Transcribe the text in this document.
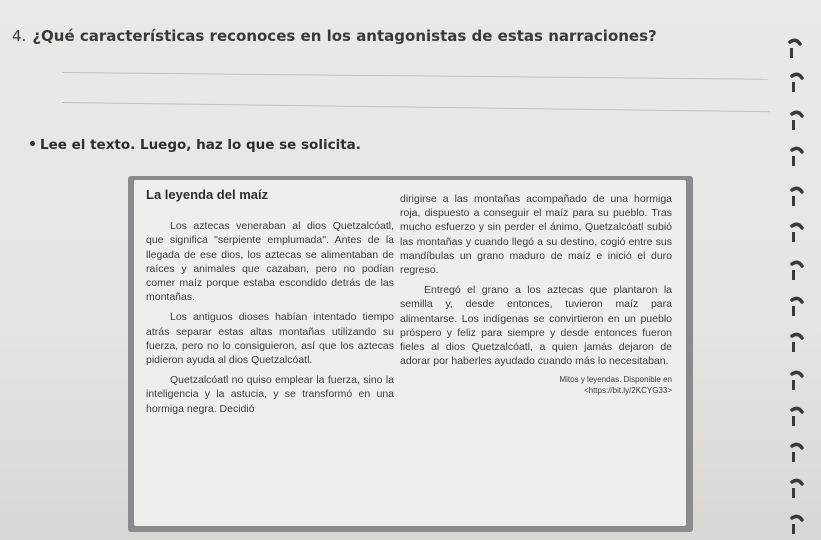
4. ¿Qué características reconoces en los antagonistas de estas narraciones?
Lee el texto. Luego, haz lo que se solicita.
La leyenda del maíz

Los aztecas veneraban al dios Quetzalcóatl, que significa "serpiente emplumada". Antes de la llegada de ese dios, los aztecas se alimentaban de raíces y animales que cazaban, pero no podían comer maíz porque estaba escondido detrás de las montañas.

Los antiguos dioses habían intentado tiempo atrás separar estas altas montañas utilizando su fuerza, pero no lo consiguieron, así que los aztecas pidieron ayuda al dios Quetzalcóatl.

Quetzalcóatl no quiso emplear la fuerza, sino la inteligencia y la astucia, y se transformó en una hormiga negra. Decidió

dirigirse a las montañas acompañado de una hormiga roja, dispuesto a conseguir el maíz para su pueblo. Tras mucho esfuerzo y sin perder el ánimo, Quetzalcóatl subió las montañas y cuando llegó a su destino, cogió entre sus mandíbulas un grano maduro de maíz e inició el duro regreso.

Entregó el grano a los aztecas que plantaron la semilla y, desde entonces, tuvieron maíz para alimentarse. Los indígenas se convirtieron en un pueblo próspero y feliz para siempre y desde entonces fueron fieles al dios Quetzalcóatl, a quien jamás dejaron de adorar por haberles ayudado cuando más lo necesitaban.

Mitos y leyendas. Disponible en
<https://bit.ly/2KCYG33>
